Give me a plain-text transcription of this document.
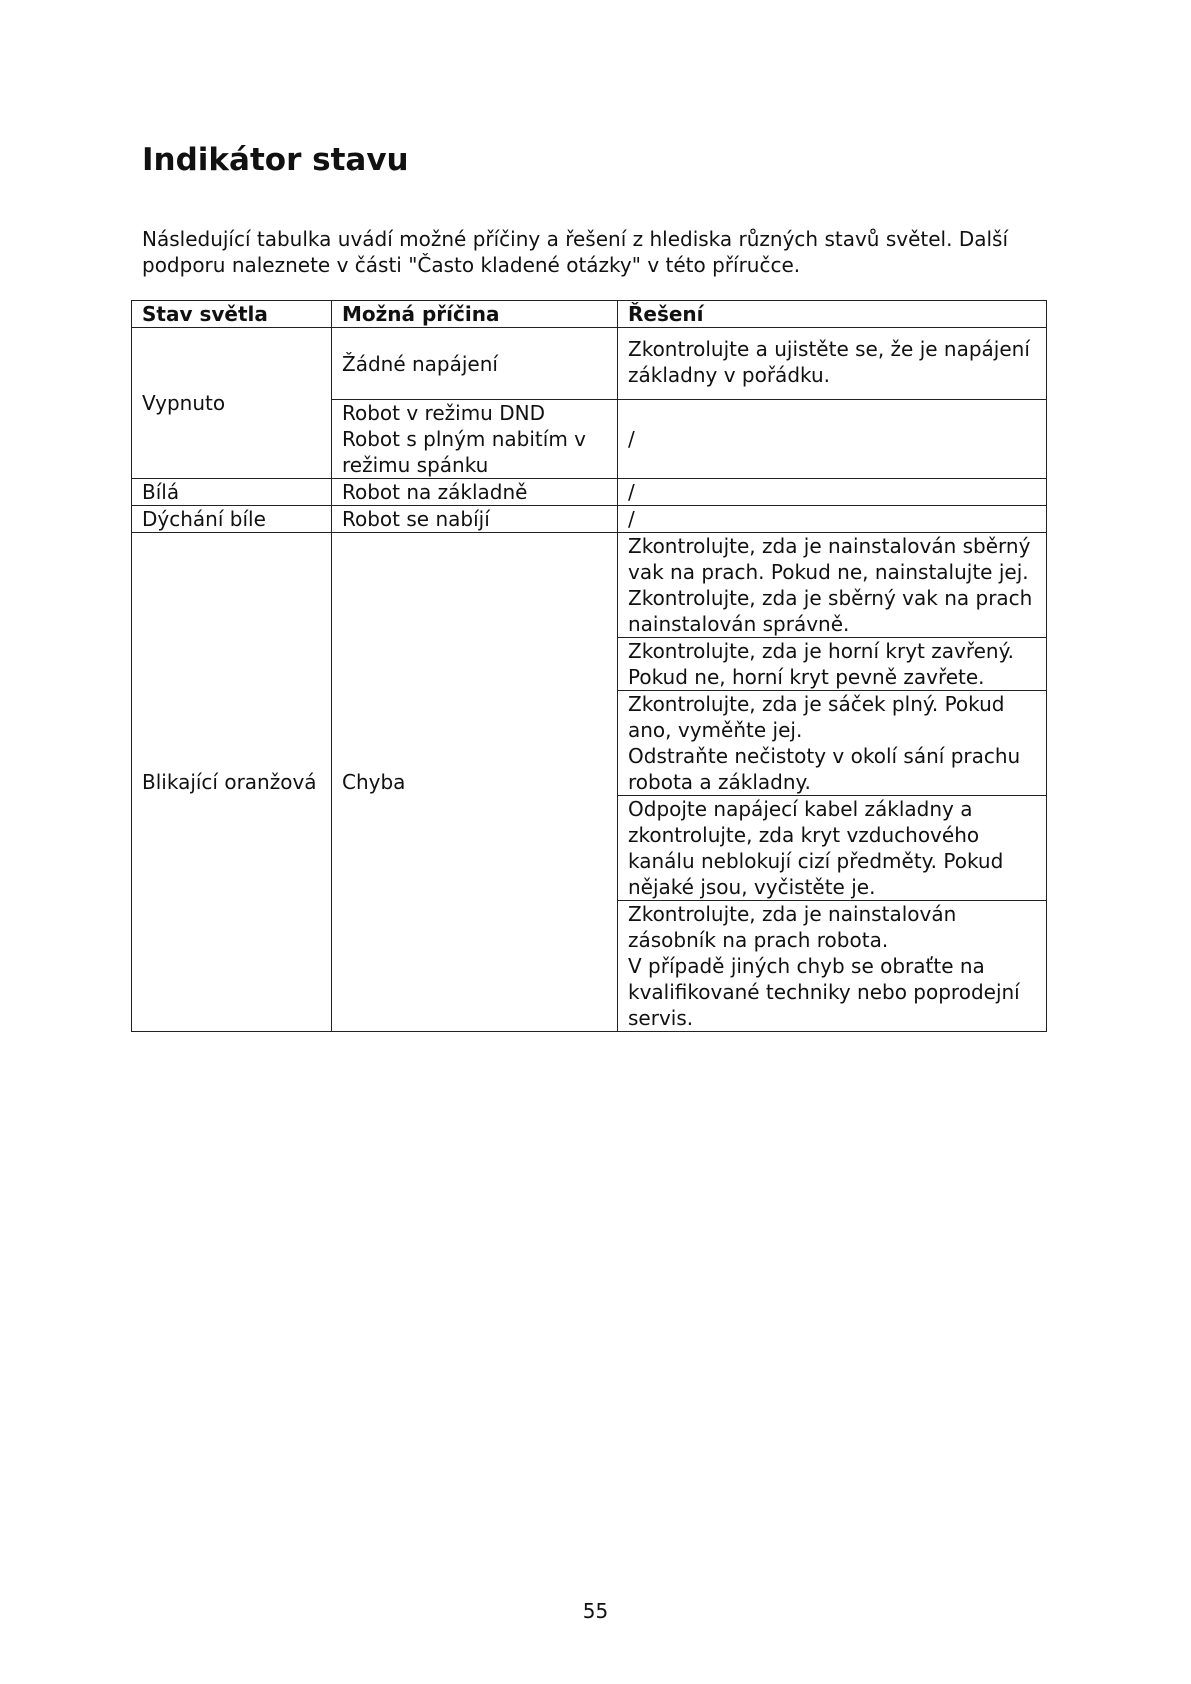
Indikátor stavu

Následující tabulka uvádí možné příčiny a řešení z hlediska různých stavů světel. Další
podporu naleznete v části "Často kladené otázky" v této příručce.

Stav světla	Možná příčina	Řešení
Vypnuto	Žádné napájení	Zkontrolujte a ujistěte se, že je napájení
základny v pořádku.

	Robot v režimu DND
Robot s plným nabitím v
režimu spánku	/
Bílá	Robot na základně	/
Dýchání bíle	Robot se nabíjí	/
Blikající oranžová	Chyba	Zkontrolujte, zda je nainstalován sběrný
vak na prach. Pokud ne, nainstalujte jej.
Zkontrolujte, zda je sběrný vak na prach
nainstalován správně.

		Zkontrolujte, zda je horní kryt zavřený.
Pokud ne, horní kryt pevně zavřete.

		Zkontrolujte, zda je sáček plný. Pokud
ano, vyměňte jej.
Odstraňte nečistoty v okolí sání prachu
robota a základny.

		Odpojte napájecí kabel základny a
zkontrolujte, zda kryt vzduchového
kanálu neblokují cizí předměty. Pokud
nějaké jsou, vyčistěte je.

		Zkontrolujte, zda je nainstalován
zásobník na prach robota.
V případě jiných chyb se obraťte na
kvalifikované techniky nebo poprodejní
servis.
55
